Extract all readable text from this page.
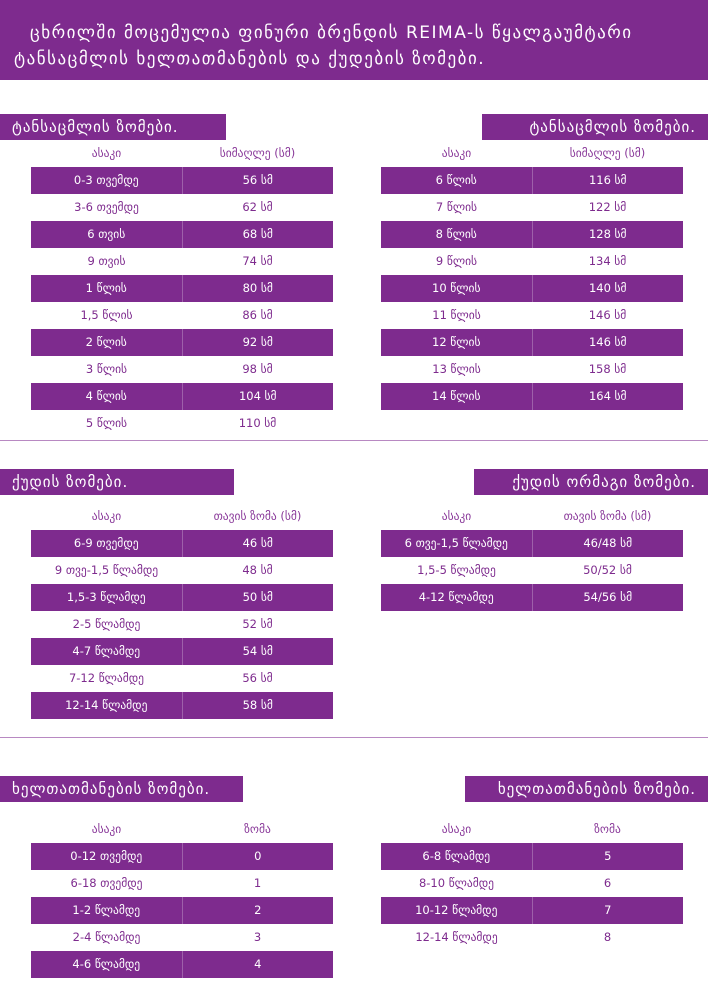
ცხრილში მოცემულია ფინური ბრენდის REIMA-ს წყალგაუმტარი
ტანსაცმლის ხელთათმანების და ქუდების ზომები.
ტანსაცმლის ზომები.	ტანსაცმლის ზომები.
ასაკი	სიმაღლე (სმ)
0-3 თვემდე	56 სმ
3-6 თვემდე	62 სმ
6 თვის	68 სმ
9 თვის	74 სმ
1 წლის	80 სმ
1,5 წლის	86 სმ
2 წლის	92 სმ
3 წლის	98 სმ
4 წლის	104 სმ
5 წლის	110 სმ
ასაკი	სიმაღლე (სმ)
6 წლის	116 სმ
7 წლის	122 სმ
8 წლის	128 სმ
9 წლის	134 სმ
10 წლის	140 სმ
11 წლის	146 სმ
12 წლის	146 სმ
13 წლის	158 სმ
14 წლის	164 სმ
ქუდის ზომები.	ქუდის ორმაგი ზომები.
ასაკი	თავის ზომა (სმ)
6-9 თვემდე	46 სმ
9 თვე-1,5 წლამდე	48 სმ
1,5-3 წლამდე	50 სმ
2-5 წლამდე	52 სმ
4-7 წლამდე	54 სმ
7-12 წლამდე	56 სმ
12-14 წლამდე	58 სმ
ასაკი	თავის ზომა (სმ)
6 თვე-1,5 წლამდე	46/48 სმ
1,5-5 წლამდე	50/52 სმ
4-12 წლამდე	54/56 სმ
ხელთათმანების ზომები.	ხელთათმანების ზომები.
ასაკი	ზომა
0-12 თვემდე	0
6-18 თვემდე	1
1-2 წლამდე	2
2-4 წლამდე	3
4-6 წლამდე	4
ასაკი	ზომა
6-8 წლამდე	5
8-10 წლამდე	6
10-12 წლამდე	7
12-14 წლამდე	8
